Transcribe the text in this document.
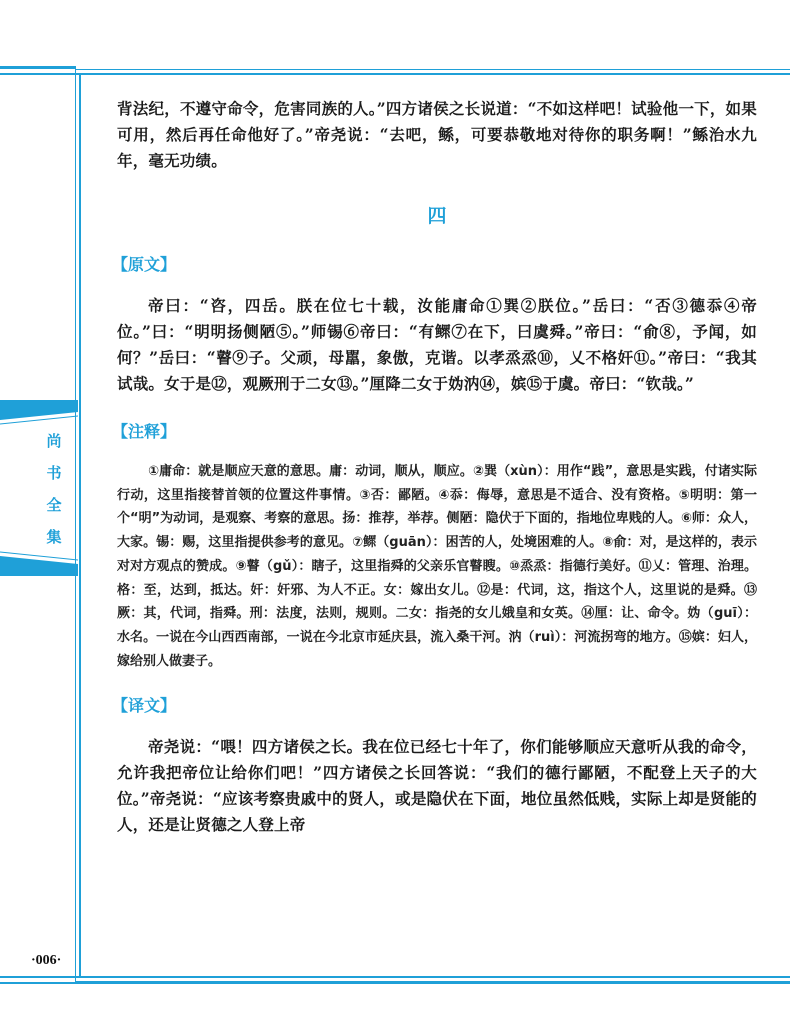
尚
书
全
集
·006·

背法纪，不遵守命令，危害同族的人。”四方诸侯之长说道：“不如这样吧！试验他一下，如果可用，然后再任命他好了。”帝尧说：“去吧，鲧，可要恭敬地对待你的职务啊！”鲧治水九年，毫无功绩。

四
【原文】

帝曰：“咨，四岳。朕在位七十载，汝能庸命①巽②朕位。”岳曰：“否③德忝④帝位。”曰：“明明扬侧陋⑤。”师锡⑥帝曰：“有鳏⑦在下，曰虞舜。”帝曰：“俞⑧，予闻，如何？”岳曰：“瞽⑨子。父顽，母嚚，象傲，克谐。以孝烝烝⑩，乂不格奸⑪。”帝曰：“我其试哉。女于是⑫，观厥刑于二女⑬。”厘降二女于妫汭⑭，嫔⑮于虞。帝曰：“钦哉。”

【注释】

①庸命：就是顺应天意的意思。庸：动词，顺从，顺应。②巽（xùn）：用作“践”，意思是实践，付诸实际行动，这里指接替首领的位置这件事情。③否：鄙陋。④忝：侮辱，意思是不适合、没有资格。⑤明明：第一个“明”为动词，是观察、考察的意思。扬：推荐，举荐。侧陋：隐伏于下面的，指地位卑贱的人。⑥师：众人，大家。锡：赐，这里指提供参考的意见。⑦鳏（guān）：困苦的人，处境困难的人。⑧俞：对，是这样的，表示对对方观点的赞成。⑨瞽（gǔ）：瞎子，这里指舜的父亲乐官瞽瞍。⑩烝烝：指德行美好。⑪乂：管理、治理。格：至，达到，抵达。奸：奸邪、为人不正。女：嫁出女儿。⑫是：代词，这，指这个人，这里说的是舜。⑬厥：其，代词，指舜。刑：法度，法则，规则。二女：指尧的女儿娥皇和女英。⑭厘：让、命令。妫（guī）：水名。一说在今山西西南部，一说在今北京市延庆县，流入桑干河。汭（ruì）：河流拐弯的地方。⑮嫔：妇人，嫁给别人做妻子。

【译文】

帝尧说：“喂！四方诸侯之长。我在位已经七十年了，你们能够顺应天意听从我的命令，允许我把帝位让给你们吧！”四方诸侯之长回答说：“我们的德行鄙陋，不配登上天子的大位。”帝尧说：“应该考察贵戚中的贤人，或是隐伏在下面，地位虽然低贱，实际上却是贤能的人，还是让贤德之人登上帝
